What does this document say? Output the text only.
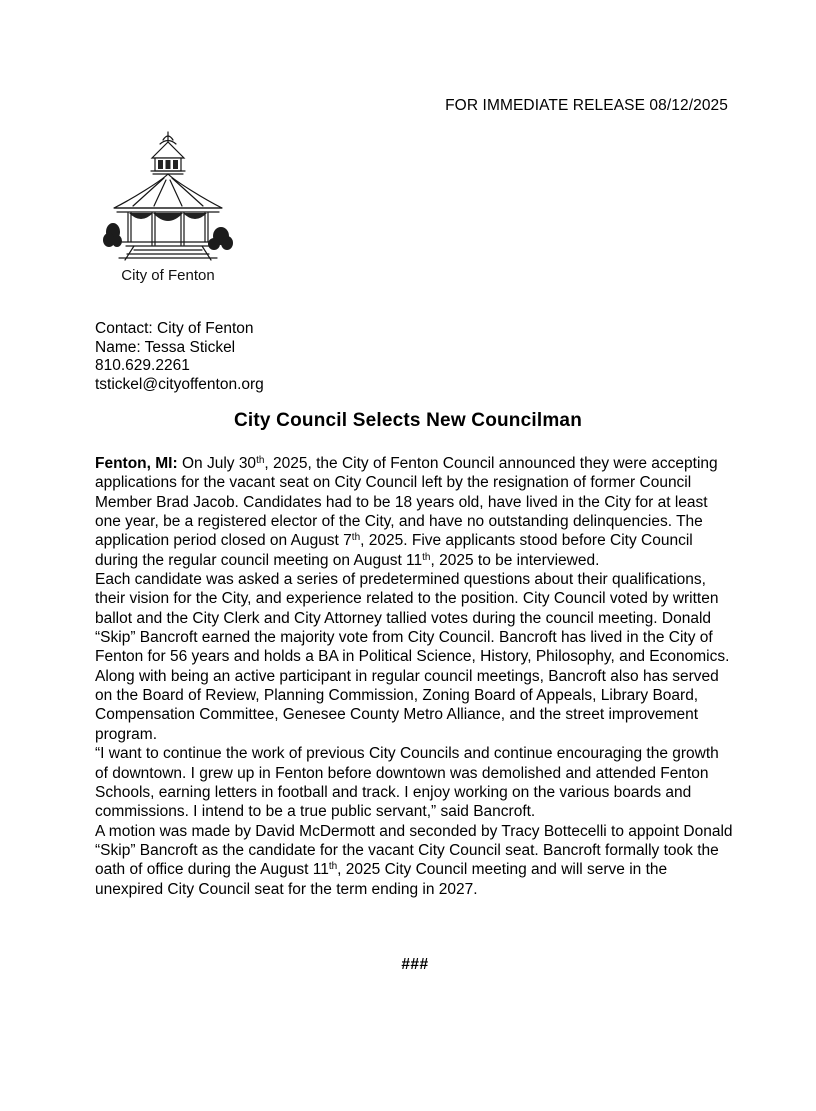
FOR IMMEDIATE RELEASE 08/12/2025
City of Fenton
Contact: City of Fenton
Name: Tessa Stickel
810.629.2261
tstickel@cityoffenton.org
City Council Selects New Councilman

Fenton, MI: On July 30th, 2025, the City of Fenton Council announced they were accepting applications for the vacant seat on City Council left by the resignation of former Council Member Brad Jacob. Candidates had to be 18 years old, have lived in the City for at least one year, be a registered elector of the City, and have no outstanding delinquencies. The application period closed on August 7th, 2025. Five applicants stood before City Council during the regular council meeting on August 11th, 2025 to be interviewed.

Each candidate was asked a series of predetermined questions about their qualifications, their vision for the City, and experience related to the position. City Council voted by written ballot and the City Clerk and City Attorney tallied votes during the council meeting. Donald “Skip” Bancroft earned the majority vote from City Council. Bancroft has lived in the City of Fenton for 56 years and holds a BA in Political Science, History, Philosophy, and Economics. Along with being an active participant in regular council meetings, Bancroft also has served on the Board of Review, Planning Commission, Zoning Board of Appeals, Library Board, Compensation Committee, Genesee County Metro Alliance, and the street improvement program.

“I want to continue the work of previous City Councils and continue encouraging the growth of downtown. I grew up in Fenton before downtown was demolished and attended Fenton Schools, earning letters in football and track. I enjoy working on the various boards and commissions. I intend to be a true public servant,” said Bancroft.

A motion was made by David McDermott and seconded by Tracy Bottecelli to appoint Donald “Skip” Bancroft as the candidate for the vacant City Council seat. Bancroft formally took the oath of office during the August 11th, 2025 City Council meeting and will serve in the unexpired City Council seat for the term ending in 2027.

###
